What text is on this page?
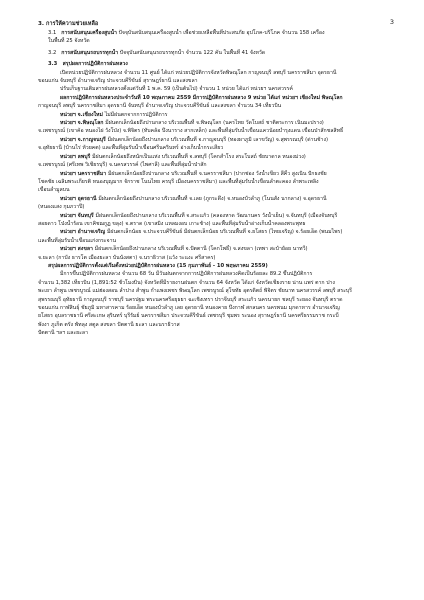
3
3. การให้ความช่วยเหลือ
3.1 การสนับสนุนเครื่องสูบน้ำ ปัจจุบันสนับสนุนเครื่องสูบน้ำ เพื่อช่วยเหลือพื้นที่ประสบภัย อุปโภค-บริโภค จำนวน 158 เครื่อง
ในพื้นที่ 25 จังหวัด
3.2 การสนับสนุนรถบรรทุกน้ำ ปัจจุบันสนับสนุนรถบรรทุกน้ำ จำนวน 122 คัน ในพื้นที่ 41 จังหวัด
3.3 สรุปผลการปฏิบัติการฝนหลวง
เปิดหน่วยปฏิบัติการฝนหลวง จำนวน 11 ศูนย์ ได้แก่ หน่วยปฏิบัติการจังหวัดพิษณุโลก กาญจนบุรี ลพบุรี นครราชสีมา อุดรธานี
ขอนแก่น จันทบุรี อำนาจเจริญ ประจวบคีรีขันธ์ สุราษฎร์ธานี และสงขลา
ปรับเก็บฐานเติมสารฝนหลวงตั้งแต่วันที่ 1 พ.ค. 59 (เป็นต้นไป) จำนวน 1 หน่วย ได้แก่ หน่วยฯ นครสวรรค์
ผลการปฏิบัติการฝนหลวงประจำวันที่ 10 พฤษภาคม 2559 มีการปฏิบัติการฝนหลวง 9 หน่วย ได้แก่ หน่วยฯ เชียงใหม่ พิษณุโลก
กาญจนบุรี ลพบุรี นครราชสีมา อุดรธานี จันทบุรี อำนาจเจริญ ประจวบคีรีขันธ์ และสงขลา จำนวน 34 เที่ยวบิน
หน่วยฯ จ.เชียงใหม่ ไม่มีฝนตกจากการปฏิบัติการ
หน่วยฯ จ.พิษณุโลก มีฝนตกเล็กน้อยถึงปานกลาง บริเวณพื้นที่ จ.พิษณุโลก (นครไทย วัดโบสถ์ ชาติตระการ เนินมะปราง)
จ.เพชรบูรณ์ (เขาค้อ หนองไผ่ วังโป่ง) จ.พิจิตร (ทับคล้อ บึงนาราง สากเหล็ก) และพื้นที่ลุ่มรับน้ำเขื่อนแควน้อยบำรุงแดน เขื่อนป่าสักชลสิทธิ์
หน่วยฯ จ.กาญจนบุรี มีฝนตกเล็กน้อยถึงปานกลาง บริเวณพื้นที่ จ.กาญจนบุรี (ทองผาภูมิ เลาขวัญ) จ.สุพรรณบุรี (ด่านช้าง)
จ.อุทัยธานี (บ้านไร่ ห้วยคต) และพื้นที่ลุ่มรับน้ำเขื่อนศรีนครินทร์ อ่างเก็บน้ำกระเสียว
หน่วยฯ ลพบุรี มีฝนตกเล็กน้อยถึงหนักเป็นแห่ง บริเวณพื้นที่ จ.ลพบุรี (โคกสำโรง สระโบสถ์ ชัยบาดาล หนองม่วง)
จ.เพชรบูรณ์ (ศรีเทพ วิเชียรบุรี) จ.นครสวรรค์ (ไพศาลี) และพื้นที่ลุ่มน้ำป่าสัก
หน่วยฯ นครราชสีมา มีฝนตกเล็กน้อยถึงปานกลาง บริเวณพื้นที่ จ.นครราชสีมา (ปากช่อง วังน้ำเขียว สีคิ้ว สูงเนิน ปักธงชัย
โชคชัย เฉลิมพระเกียรติ หนองบุญมาก จักราช โนนไทย ครบุรี เมืองนครราชสีมา) และพื้นที่ลุ่มรับน้ำเขื่อนลำตะคอง ลำพระเพลิง
เขื่อนลำมูลบน
หน่วยฯ อุดรธานี มีฝนตกเล็กน้อยถึงปานกลาง บริเวณพื้นที่ จ.เลย (ภูกระดึง) จ.หนองบัวลำภู (โนนสัง นากลาง) จ.อุดรธานี
(หนองแสง กุมภวาปี)
หน่วยฯ จันทบุรี มีฝนตกเล็กน้อยถึงปานกลาง บริเวณพื้นที่ จ.สระแก้ว (คลองหาด วัฒนานคร วังน้ำเย็น) จ.จันทบุรี (เมืองจันทบุรี
สอยดาว โป่งน้ำร้อน เขาคิชฌกูฏ ขลุง) จ.ตราด (เขาสมิง แหลมงอบ เกาะช้าง) และพื้นที่ลุ่มรับน้ำอ่างเก็บน้ำคลองพระพุทธ
หน่วยฯ อำนาจเจริญ มีฝนตกเล็กน้อย จ.ประจวบคีรีขันธ์ มีฝนตกเล็กน้อย บริเวณพื้นที่ จ.ยโสธร (ไทยเจริญ) จ.ร้อยเอ็ด (พนมไพร)
และพื้นที่ลุ่มรับน้ำเขื่อนแก่งกระจาน
หน่วยฯ สงขลา มีฝนตกเล็กน้อยถึงปานกลาง บริเวณพื้นที่ จ.ปัตตานี (โคกโพธิ์) จ.สงขลา (เทพา สะบ้าย้อย นาทวี)
จ.ยะลา (กาบัง ธารโต เมืองยะลา บันนังสตา) จ.นราธิวาส (แว้ง ระแงะ ศรีสาคร)
สรุปผลการปฏิบัติการตั้งแต่เริ่มตั้งหน่วยปฏิบัติการฝนหลวง (15 กุมภาพันธ์ - 10 พฤษภาคม 2559)
มีการขึ้นปฏิบัติการฝนหลวง จำนวน 68 วัน มีวันฝนตกจากการปฏิบัติการฝนหลวงคิดเป็นร้อยละ 89.2 ขึ้นปฏิบัติการ
จำนวน 1,382 เที่ยวบิน (1,891:52 ชั่วโมงบิน) จังหวัดที่มีรายงานฝนตก จำนวน 64 จังหวัด ได้แก่ จังหวัดเชียงราย น่าน แพร่ ตาก ปาง
พะเยา ลำพูน เพชรบูรณ์ แม่ฮ่องสอน ลำปาง สำพูน กำแพงเพชร พิษณุโลก เพชรบูรณ์ สุโขทัย อุตรดิตถ์ พิจิตร ชัยนาท นครสวรรค์ ลพบุรี สระบุรี
สุพรรณบุรี อุทัยธานี กาญจนบุรี ราชบุรี นครปฐม พระนครศรีอยุธยา ฉะเชิงเทรา ปราจีนบุรี สระแก้ว นครนายก ชลบุรี ระยอง จันทบุรี ตราด
ขอนแก่น กาฬสินธุ์ ชัยภูมิ มหาสารคาม ร้อยเอ็ด หนองบัวลำภู เลย อุดรธานี หนองคาย บึงกาฬ สกลนคร นครพนม มุกดาหาร อำนาจเจริญ
ยโสธร อุบลราชธานี ศรีสะเกษ สุรินทร์ บุรีรัมย์ นครราชสีมา ประจวบคีรีขันธ์ เพชรบุรี ชุมพร ระนอง สุราษฎร์ธานี นครศรีธรรมราช กระบี่
พังงา ภูเก็ต ตรัง พัทลุง สตูล สงขลา ปัตตานี ยะลา และนราธิวาส
ปัตตานี ฯลฯ และยะลา
